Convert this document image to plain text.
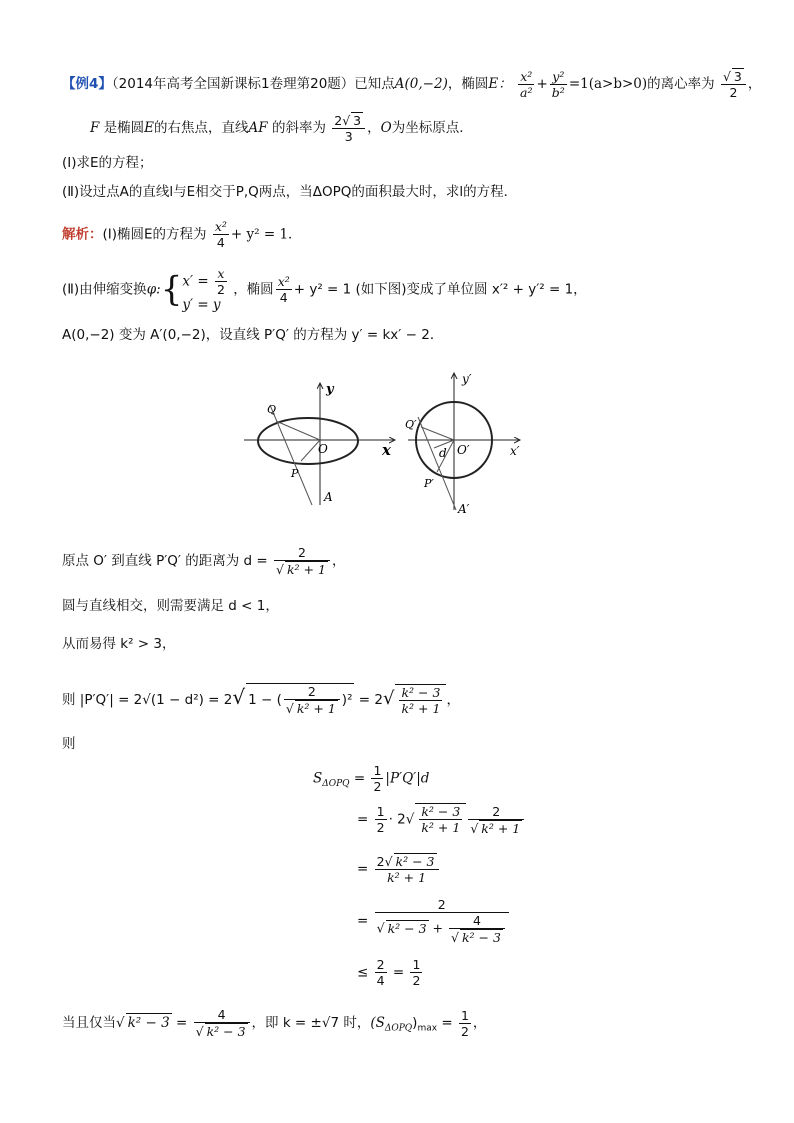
【例4】（2014年高考全国新课标1卷理第20题）已知点A(0,−2)，椭圆E： $\frac{\text{x²}}{\text{a²}} + \frac{\text{y²}}{\text{b²}} =1(a>b>0)$的离心率为 $\frac{√ 3}{2}$ ，
F 是椭圆E的右焦点，直线AF 的斜率为 $\frac{2√ 3}{3}$ ，O为坐标原点.
(Ⅰ)求E的方程；
(Ⅱ)设过点A的直线l与E相交于P,Q两点，当ΔOPQ的面积最大时，求l的方程．
解析：(Ⅰ)椭圆E的方程为 $\frac{\text{x²}}{4} + y^2 = 1$．
(Ⅱ)由伸缩变换φ:{x′ = $\frac{x}{2}$

y′ = y ，椭圆 $\frac{\text{x²}}{4} + y^2 = 1$ (如下图)变成了单位圆 x′² + y′² = 1，
A(0,−2) 变为 A′(0,−2)，设直线 P′Q′ 的方程为 y′ = kx′ − 2．
y
x
O
Q
P
A
y′
x′
O′
Q′
P′
A′
d
原点 O′ 到直线 P′Q′ 的距离为 $d = \frac{2}{\text{√ k² + 1}}$ ，
圆与直线相交，则需要满足 d < 1，
从而易得 k² > 3，
则 |P′Q′| = 2√(1 − d²) = 2√ 1 − ( $\frac{2}{\text{√ k² + 1}} )^2 = 2√ \frac{\text{k² − 3}}{\text{k² + 1}}$ ，
则
$S_{\Delta OPQ} = \frac{1}{2} |P'Q'|d$
= $\frac{1}{2} \cdot 2√ \frac{\text{k² − 3}}{\text{k² + 1}} \frac{2}{\text{√ k² + 1}}$
= $\frac{\text{2√ k² − 3}}{\text{k² + 1}}$
= $\frac{2}{√ k^2 - 3 + \frac{4}{\text{√ k² − 3}}}$
≤ $\frac{2}{4} = \frac{1}{2}$
当且仅当√ $k^2 - 3 = \frac{4}{\text{√ k² − 3}}$ ，即 k = ±√7 时，$(S_{\Delta OPQ})_{max} = \frac{1}{2}$ ，
